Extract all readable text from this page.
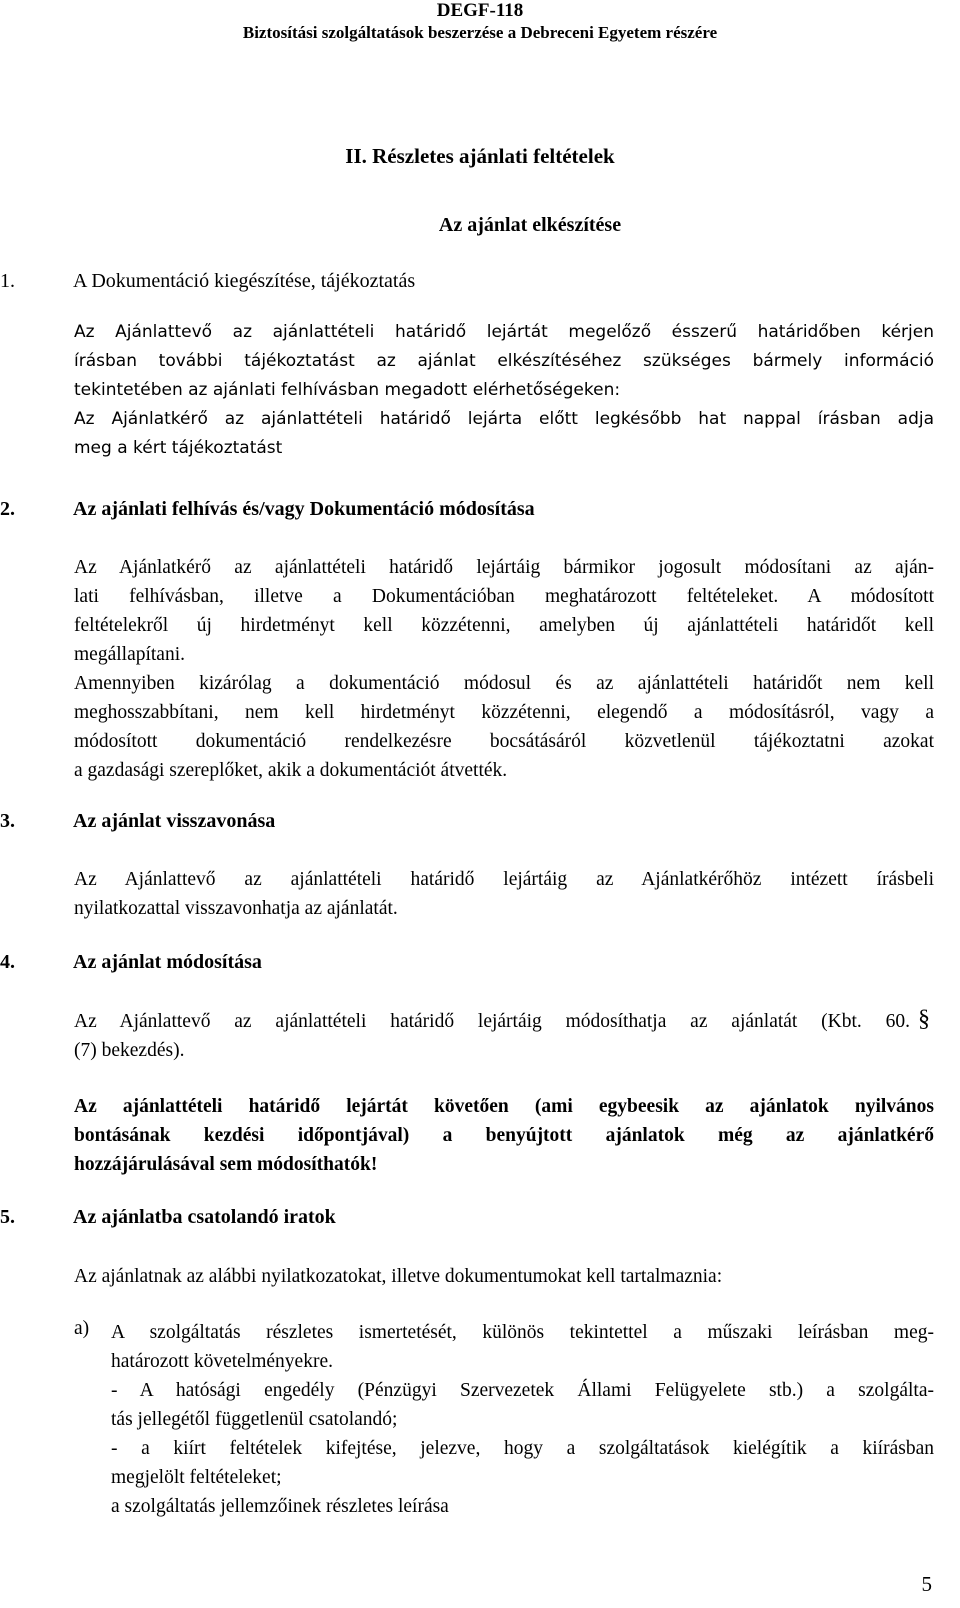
DEGF-118
Biztosítási szolgáltatások beszerzése a Debreceni Egyetem részére
II. Részletes ajánlati feltételek
Az ajánlat elkészítése
1.	A Dokumentáció kiegészítése, tájékoztatás
Az Ajánlattevő az ajánlattételi határidő lejártát megelőző ésszerű határidőben kérjen
írásban további tájékoztatást az ajánlat elkészítéséhez szükséges bármely információ
tekintetében az ajánlati felhívásban megadott elérhetőségeken:
Az Ajánlatkérő az ajánlattételi határidő lejárta előtt legkésőbb hat nappal írásban adja
meg a kért tájékoztatást
2.	Az ajánlati felhívás és/vagy Dokumentáció módosítása
Az Ajánlatkérő az ajánlattételi határidő lejártáig bármikor jogosult módosítani az aján-
lati felhívásban, illetve a Dokumentációban meghatározott feltételeket. A módosított
feltételekről új hirdetményt kell közzétenni, amelyben új ajánlattételi határidőt kell
megállapítani.
Amennyiben kizárólag a dokumentáció módosul és az ajánlattételi határidőt nem kell
meghosszabbítani, nem kell hirdetményt közzétenni, elegendő a módosításról, vagy a
módosított dokumentáció rendelkezésre bocsátásáról közvetlenül tájékoztatni azokat
a gazdasági szereplőket, akik a dokumentációt átvették.
3.	Az ajánlat visszavonása
Az Ajánlattevő az ajánlattételi határidő lejártáig az Ajánlatkérőhöz intézett írásbeli
nyilatkozattal visszavonhatja az ajánlatát.
4.	Az ajánlat módosítása
Az Ajánlattevő az ajánlattételi határidő lejártáig módosíthatja az ajánlatát (Kbt. 60.
(7) bekezdés).
§
Az ajánlattételi határidő lejártát követően (ami egybeesik az ajánlatok nyilvános
bontásának kezdési időpontjával) a benyújtott ajánlatok még az ajánlatkérő
hozzájárulásával sem módosíthatók!
5.	Az ajánlatba csatolandó iratok
Az ajánlatnak az alábbi nyilatkozatokat, illetve dokumentumokat kell tartalmaznia:
a) A szolgáltatás részletes ismertetését, különös tekintettel a műszaki leírásban meg-
határozott követelményekre.
- A hatósági engedély (Pénzügyi Szervezetek Állami Felügyelete stb.) a szolgálta-
tás jellegétől függetlenül csatolandó;
- a kiírt feltételek kifejtése, jelezve, hogy a szolgáltatások kielégítik a kiírásban
megjelölt feltételeket;
a szolgáltatás jellemzőinek részletes leírása
5
